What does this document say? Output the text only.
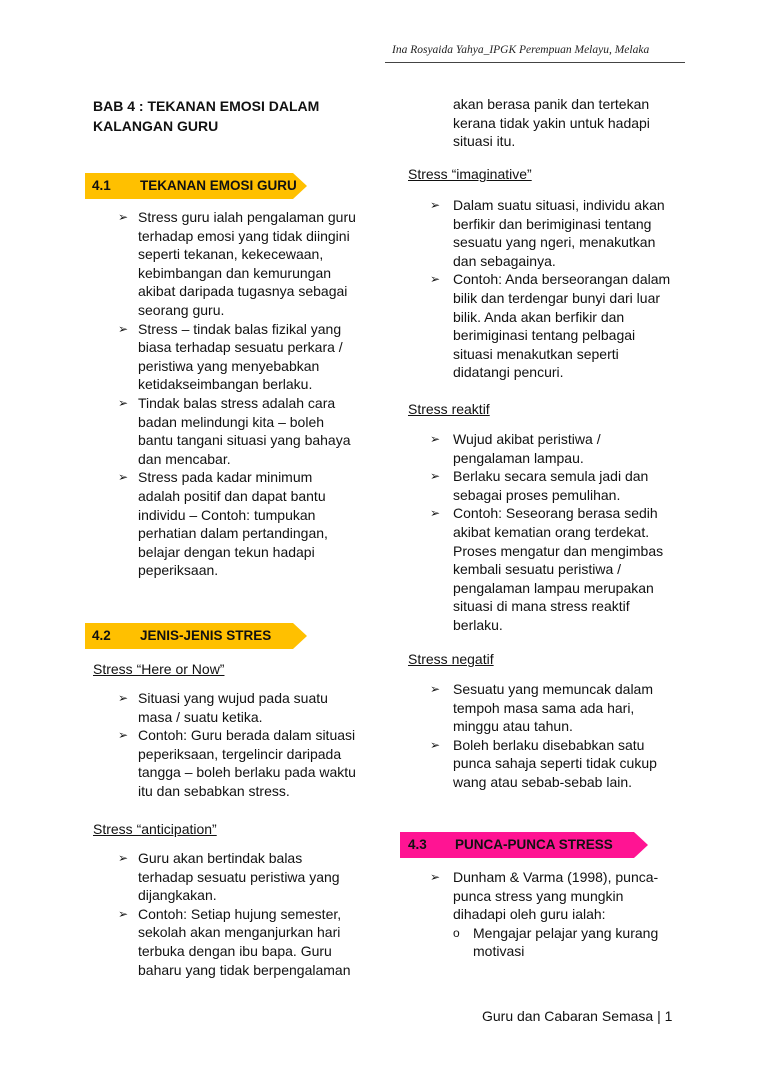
Ina Rosyaida Yahya_IPGK Perempuan Melayu, Melaka
BAB 4 : TEKANAN EMOSI DALAM
KALANGAN GURU
4.1 TEKANAN EMOSI GURU
➢ Stress guru ialah pengalaman guru
terhadap emosi yang tidak diingini
seperti tekanan, kekecewaan,
kebimbangan dan kemurungan
akibat daripada tugasnya sebagai
seorang guru.
➢ Stress – tindak balas fizikal yang
biasa terhadap sesuatu perkara /
peristiwa yang menyebabkan
ketidakseimbangan berlaku.
➢ Tindak balas stress adalah cara
badan melindungi kita – boleh
bantu tangani situasi yang bahaya
dan mencabar.
➢ Stress pada kadar minimum
adalah positif dan dapat bantu
individu – Contoh: tumpukan
perhatian dalam pertandingan,
belajar dengan tekun hadapi
peperiksaan.
4.2 JENIS-JENIS STRES
Stress “Here or Now”
➢ Situasi yang wujud pada suatu
masa / suatu ketika.
➢ Contoh: Guru berada dalam situasi
peperiksaan, tergelincir daripada
tangga – boleh berlaku pada waktu
itu dan sebabkan stress.
Stress “anticipation”
➢ Guru akan bertindak balas
terhadap sesuatu peristiwa yang
dijangkakan.
➢ Contoh: Setiap hujung semester,
sekolah akan menganjurkan hari
terbuka dengan ibu bapa. Guru
baharu yang tidak berpengalaman
akan berasa panik dan tertekan
kerana tidak yakin untuk hadapi
situasi itu.
Stress “imaginative”
➢ Dalam suatu situasi, individu akan
berfikir dan berimiginasi tentang
sesuatu yang ngeri, menakutkan
dan sebagainya.
➢ Contoh: Anda berseorangan dalam
bilik dan terdengar bunyi dari luar
bilik. Anda akan berfikir dan
berimiginasi tentang pelbagai
situasi menakutkan seperti
didatangi pencuri.
Stress reaktif
➢ Wujud akibat peristiwa /
pengalaman lampau.
➢ Berlaku secara semula jadi dan
sebagai proses pemulihan.
➢ Contoh: Seseorang berasa sedih
akibat kematian orang terdekat.
Proses mengatur dan mengimbas
kembali sesuatu peristiwa /
pengalaman lampau merupakan
situasi di mana stress reaktif
berlaku.
Stress negatif
➢ Sesuatu yang memuncak dalam
tempoh masa sama ada hari,
minggu atau tahun.
➢ Boleh berlaku disebabkan satu
punca sahaja seperti tidak cukup
wang atau sebab-sebab lain.
4.3 PUNCA-PUNCA STRESS
➢ Dunham & Varma (1998), punca-
punca stress yang mungkin
dihadapi oleh guru ialah:
o Mengajar pelajar yang kurang
motivasi
Guru dan Cabaran Semasa | 1
